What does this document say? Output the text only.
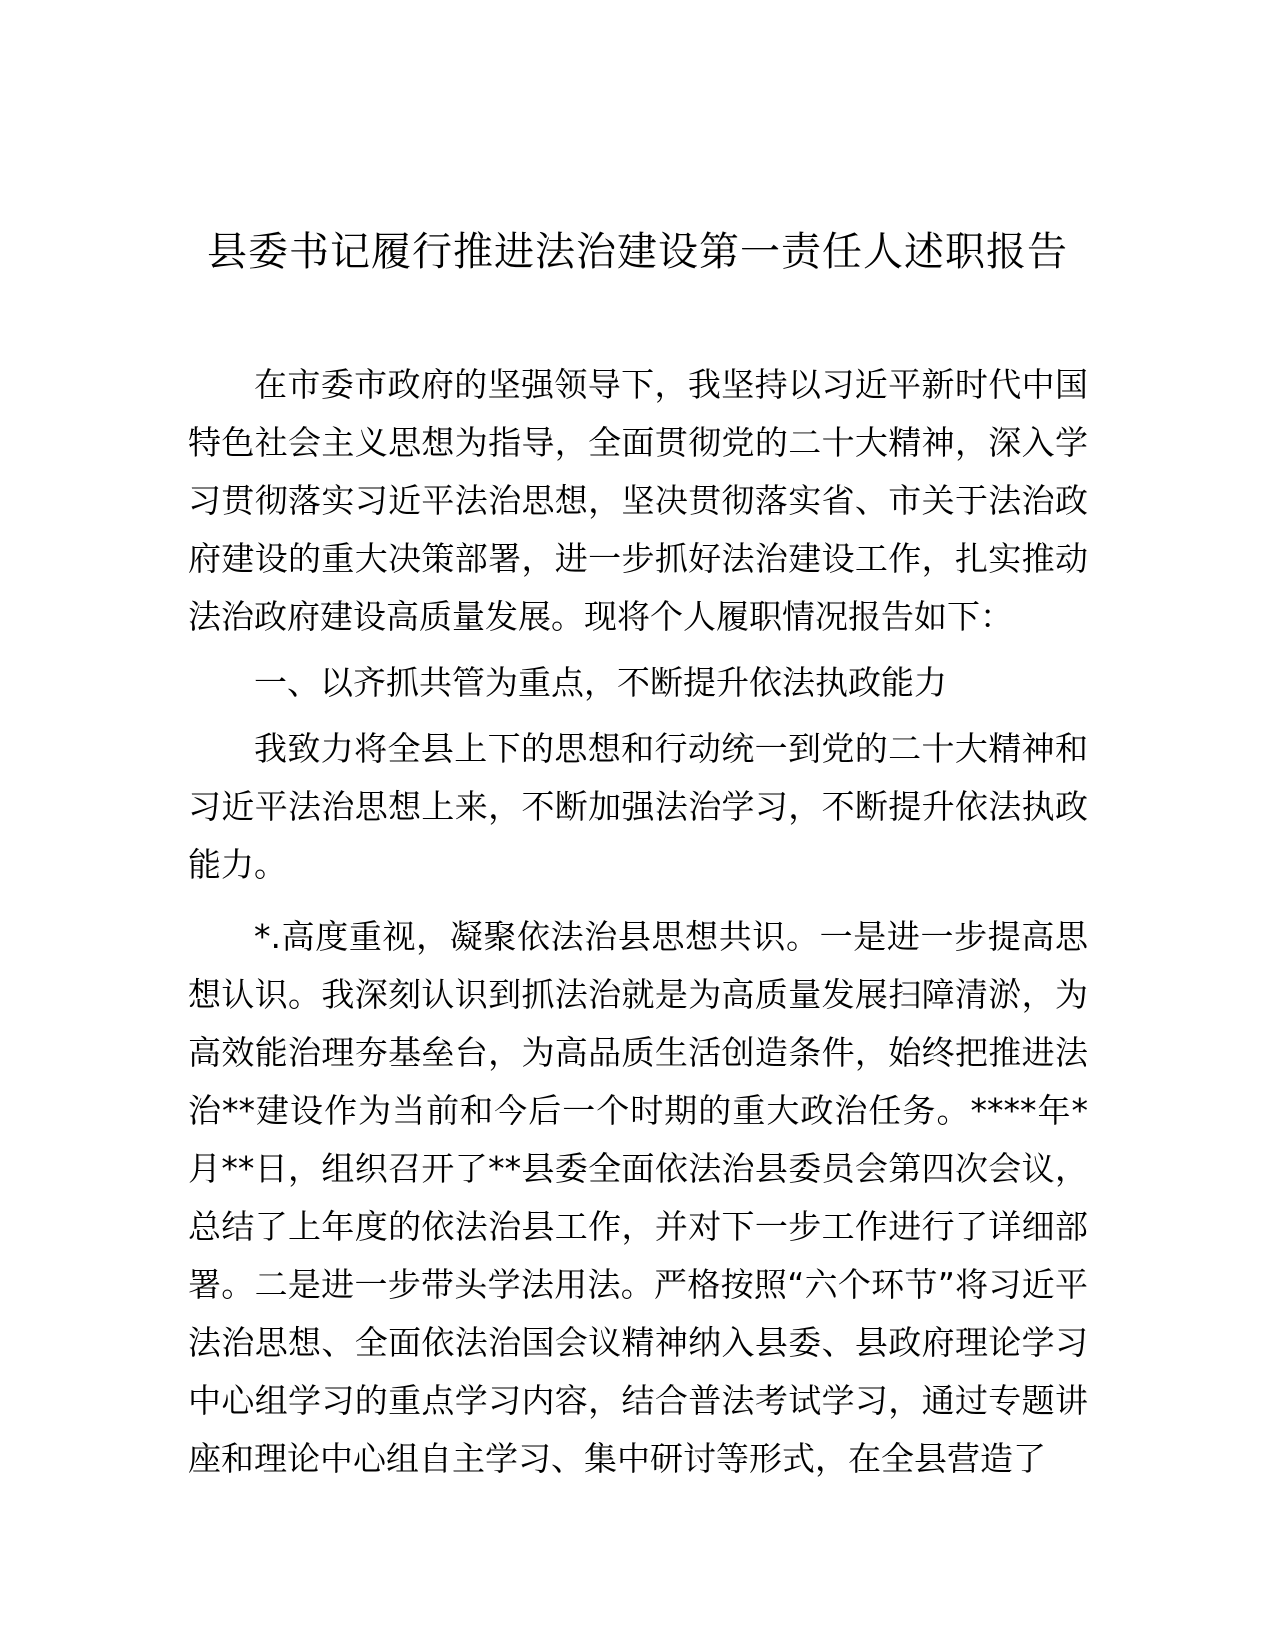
县委书记履行推进法治建设第一责任人述职报告

在市委市政府的坚强领导下，我坚持以习近平新时代中国特色社会主义思想为指导，全面贯彻党的二十大精神，深入学习贯彻落实习近平法治思想，坚决贯彻落实省、市关于法治政府建设的重大决策部署，进一步抓好法治建设工作，扎实推动法治政府建设高质量发展。现将个人履职情况报告如下：

一、以齐抓共管为重点，不断提升依法执政能力

我致力将全县上下的思想和行动统一到党的二十大精神和习近平法治思想上来，不断加强法治学习，不断提升依法执政能力。

*.高度重视，凝聚依法治县思想共识。一是进一步提高思想认识。我深刻认识到抓法治就是为高质量发展扫障清淤，为高效能治理夯基垒台，为高品质生活创造条件，始终把推进法治**建设作为当前和今后一个时期的重大政治任务。****年*月**日，组织召开了**县委全面依法治县委员会第四次会议，总结了上年度的依法治县工作，并对下一步工作进行了详细部署。二是进一步带头学法用法。严格按照“六个环节”将习近平法治思想、全面依法治国会议精神纳入县委、县政府理论学习中心组学习的重点学习内容，结合普法考试学习，通过专题讲座和理论中心组自主学习、集中研讨等形式，在全县营造了
